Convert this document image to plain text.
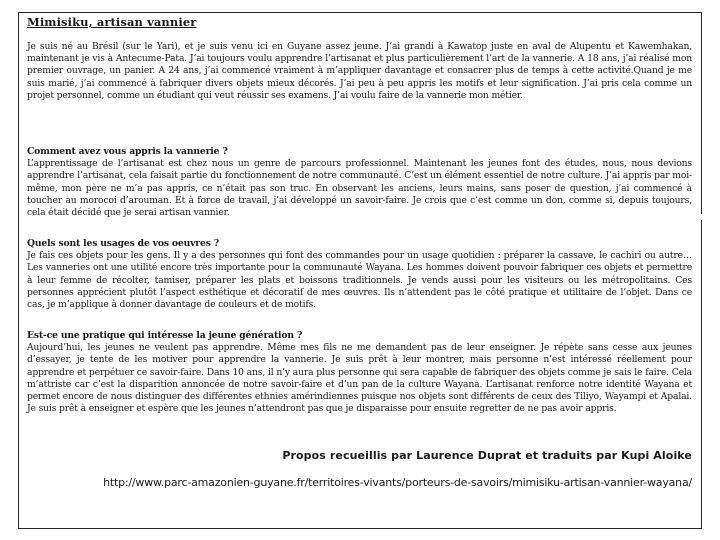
Mimisiku, artisan vannier
Je suis né au Brésil (sur le Yari), et je suis venu ici en Guyane assez jeune. J’ai grandi à Kawatop juste en aval de Alupentu et Kawemhakan, maintenant je vis à Antecume-Pata. J’ai toujours voulu apprendre l’artisanat et plus particulièrement l’art de la vannerie. A 18 ans, j’ai réalisé mon premier ouvrage, un panier. A 24 ans, j’ai commencé vraiment à m’appliquer davantage et consacrer plus de temps à cette activité.Quand je me suis marié, j’ai commencé à fabriquer divers objets mieux décorés. J’ai peu à peu appris les motifs et leur signification. J’ai pris cela comme un projet personnel, comme un étudiant qui veut réussir ses examens. J’ai voulu faire de la vannerie mon métier.
Comment avez vous appris la vannerie ?
L’apprentissage de l’artisanat est chez nous un genre de parcours professionnel. Maintenant les jeunes font des études, nous, nous devions apprendre l’artisanat, cela faisait partie du fonctionnement de notre communauté. C’est un élément essentiel de notre culture. J’ai appris par moi-même, mon père ne m’a pas appris, ce n’était pas son truc. En observant les anciens, leurs mains, sans poser de question, j’ai commencé à toucher au morocoi d’arouman. Et à force de travail, j’ai développé un savoir-faire. Je crois que c’est comme un don, comme si, depuis toujours, cela était décidé que je serai artisan vannier.
Quels sont les usages de vos oeuvres ?
Je fais ces objets pour les gens. Il y a des personnes qui font des commandes pour un usage quotidien : préparer la cassave, le cachiri ou autre… Les vanneries ont une utilité encore très importante pour la communauté Wayana. Les hommes doivent pouvoir fabriquer ces objets et permettre à leur femme de récolter, tamiser, préparer les plats et boissons traditionnels. Je vends aussi pour les visiteurs ou les métropolitains. Ces personnes apprécient plutôt l’aspect esthétique et décoratif de mes œuvres. Ils n’attendent pas le côté pratique et utilitaire de l’objet. Dans ce cas, je m’applique à donner davantage de couleurs et de motifs.
Est-ce une pratique qui intéresse la jeune génération ?
Aujourd’hui, les jeunes ne veulent pas apprendre. Même mes fils ne me demandent pas de leur enseigner. Je répète sans cesse aux jeunes d’essayer, je tente de les motiver pour apprendre la vannerie. Je suis prêt à leur montrer, mais personne n’est intéressé réellement pour apprendre et perpétuer ce savoir-faire. Dans 10 ans, il n’y aura plus personne qui sera capable de fabriquer des objets comme je sais le faire. Cela m’attriste car c’est la disparition annoncée de notre savoir-faire et d’un pan de la culture Wayana. L’artisanat renforce notre identité Wayana et permet encore de nous distinguer des différentes ethnies amérindiennes puisque nos objets sont différents de ceux des Tiliyo, Wayampi et Apalai. Je suis prêt à enseigner et espère que les jeunes n’attendront pas que je disparaisse pour ensuite regretter de ne pas avoir appris.
Propos recueillis par Laurence Duprat et traduits par Kupi Aloike
http://www.parc-amazonien-guyane.fr/territoires-vivants/porteurs-de-savoirs/mimisiku-artisan-vannier-wayana/
